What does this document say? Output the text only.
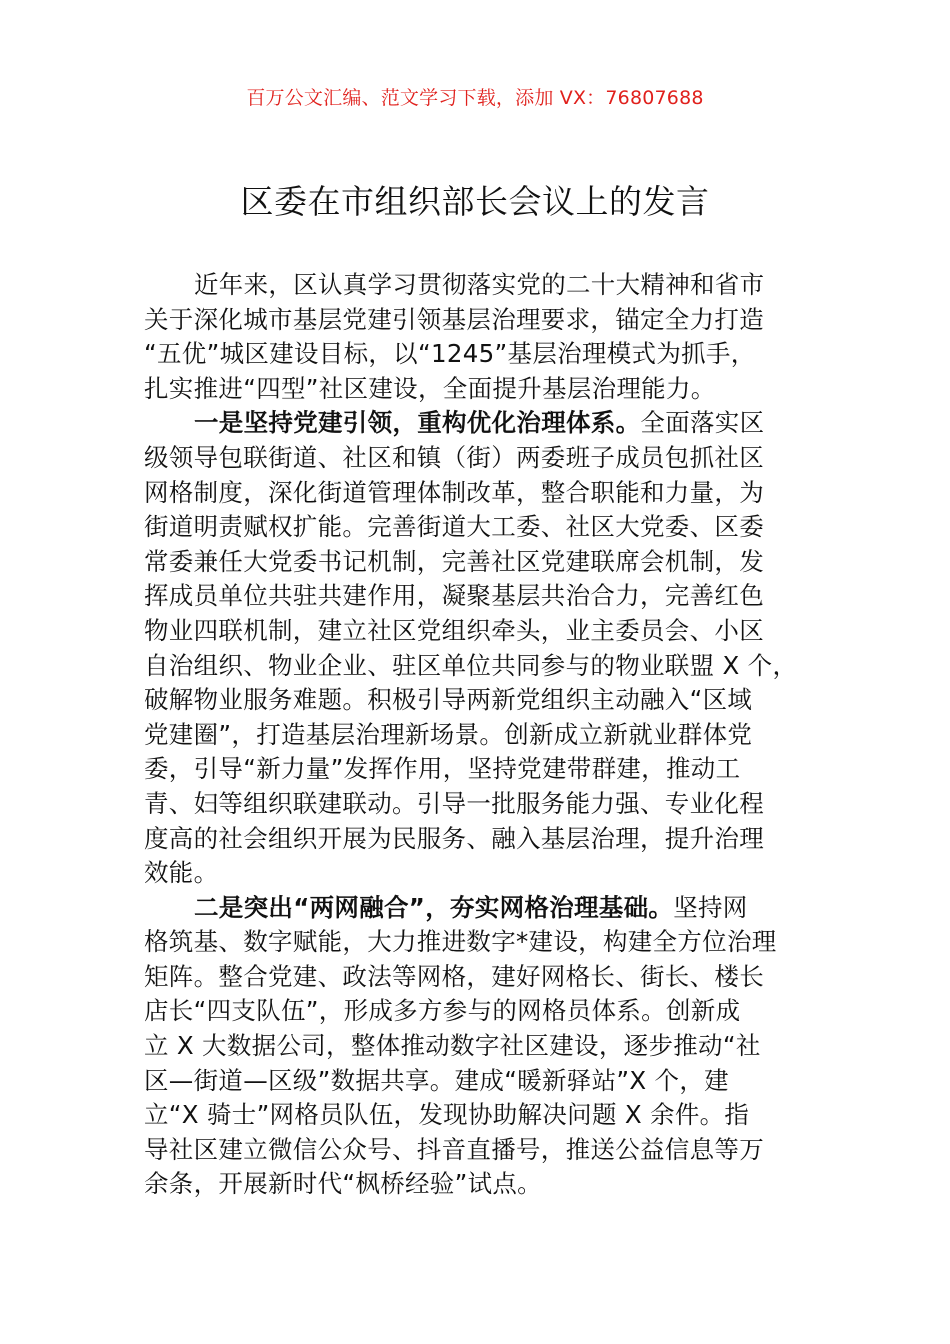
百万公文汇编、范文学习下载，添加 VX：76807688
区委在市组织部长会议上的发言
近年来，区认真学习贯彻落实党的二十大精神和省市
关于深化城市基层党建引领基层治理要求，锚定全力打造
“五优”城区建设目标，以“1245”基层治理模式为抓手，
扎实推进“四型”社区建设，全面提升基层治理能力。
一是坚持党建引领，重构优化治理体系。全面落实区
级领导包联街道、社区和镇（街）两委班子成员包抓社区
网格制度，深化街道管理体制改革，整合职能和力量，为
街道明责赋权扩能。完善街道大工委、社区大党委、区委
常委兼任大党委书记机制，完善社区党建联席会机制，发
挥成员单位共驻共建作用，凝聚基层共治合力，完善红色
物业四联机制，建立社区党组织牵头，业主委员会、小区
自治组织、物业企业、驻区单位共同参与的物业联盟 X 个，
破解物业服务难题。积极引导两新党组织主动融入“区域
党建圈”，打造基层治理新场景。创新成立新就业群体党
委，引导“新力量”发挥作用，坚持党建带群建，推动工
青、妇等组织联建联动。引导一批服务能力强、专业化程
度高的社会组织开展为民服务、融入基层治理，提升治理
效能。
二是突出“两网融合”，夯实网格治理基础。坚持网
格筑基、数字赋能，大力推进数字*建设，构建全方位治理
矩阵。整合党建、政法等网格，建好网格长、街长、楼长
店长“四支队伍”，形成多方参与的网格员体系。创新成
立 X 大数据公司，整体推动数字社区建设，逐步推动“社
区—街道—区级”数据共享。建成“暖新驿站”X 个，建
立“X 骑士”网格员队伍，发现协助解决问题 X 余件。指
导社区建立微信公众号、抖音直播号，推送公益信息等万
余条，开展新时代“枫桥经验”试点。
